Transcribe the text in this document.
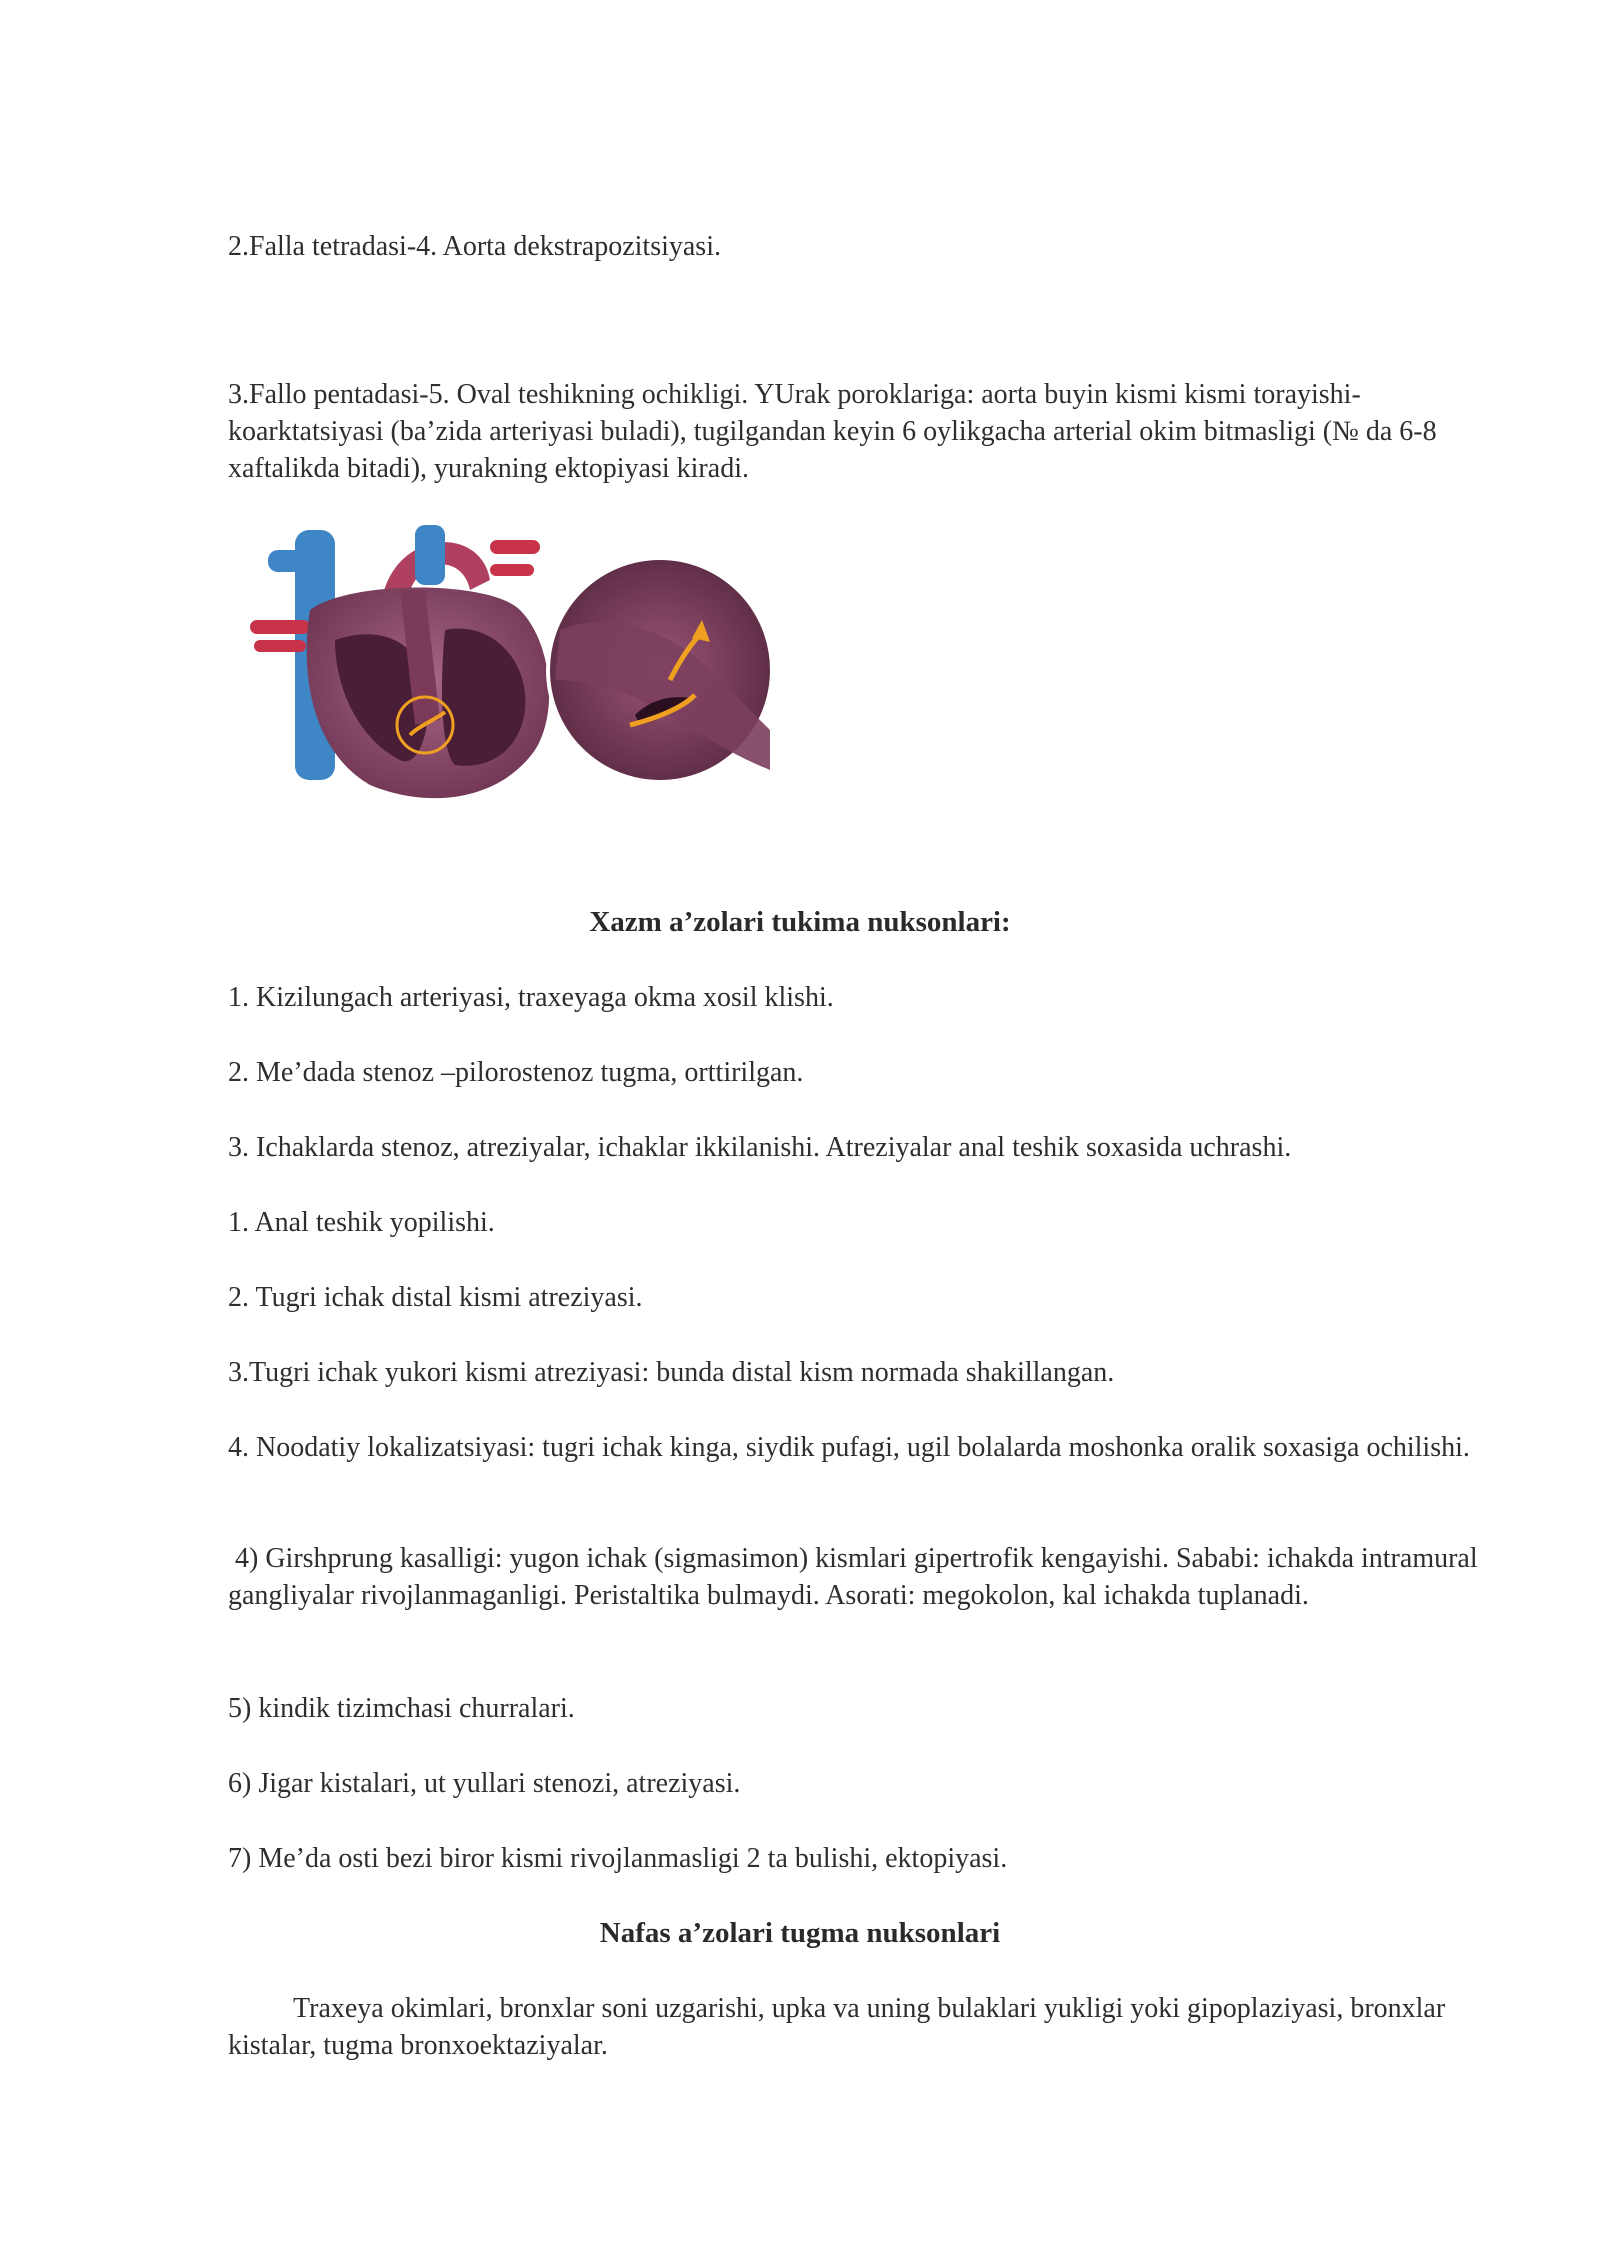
2.Falla tetradasi-4. Aorta dekstrapozitsiyasi.

3.Fallo pentadasi-5. Oval teshikning ochikligi. YUrak poroklariga: aorta buyin kismi kismi torayishi-koarktatsiyasi (ba’zida arteriyasi buladi), tugilgandan keyin 6 oylikgacha arterial okim bitmasligi (№ da 6-8 xaftalikda bitadi), yurakning ektopiyasi kiradi.

Xazm a’zolari tukima nuksonlari:

1. Kizilungach arteriyasi, traxeyaga okma xosil klishi.

2. Me’dada stenoz –pilorostenoz tugma, orttirilgan.

3. Ichaklarda stenoz, atreziyalar, ichaklar ikkilanishi. Atreziyalar anal teshik soxasida uchrashi.

1. Anal teshik yopilishi.

2. Tugri ichak distal kismi atreziyasi.

3.Tugri ichak yukori kismi atreziyasi: bunda distal kism normada shakillangan.

4. Noodatiy lokalizatsiyasi: tugri ichak kinga, siydik pufagi, ugil bolalarda moshonka oralik soxasiga ochilishi.

4) Girshprung kasalligi: yugon ichak (sigmasimon) kismlari gipertrofik kengayishi. Sababi: ichakda intramural gangliyalar rivojlanmaganligi. Peristaltika bulmaydi. Asorati: megokolon, kal ichakda tuplanadi.

5) kindik tizimchasi churralari.

6) Jigar kistalari, ut yullari stenozi, atreziyasi.

7) Me’da osti bezi biror kismi rivojlanmasligi 2 ta bulishi, ektopiyasi.

Nafas a’zolari tugma nuksonlari

Traxeya okimlari, bronxlar soni uzgarishi, upka va uning bulaklari yukligi yoki gipoplaziyasi, bronxlar kistalar, tugma bronxoektaziyalar.
